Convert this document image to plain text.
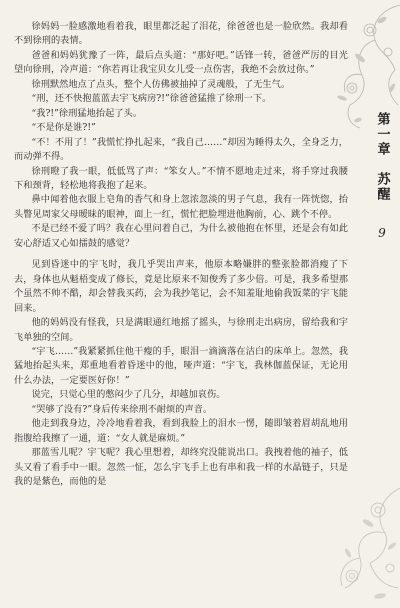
徐妈妈一脸感激地看着我，眼里都泛起了泪花，徐爸爸也是一脸欣然。我却看不到徐刑的表情。

爸爸和妈妈犹豫了一阵，最后点头道：“那好吧。”话锋一转，爸爸严厉的目光望向徐刑，冷声道：“你若再让我宝贝女儿受一点伤害，我绝不会放过你。”

徐刑默然地点了点头，整个人仿佛被抽掉了灵魂般，了无生气。

“刑，还不快抱蓝蓝去宇飞病房?!”徐爸爸猛推了徐刑一下。

“我?!”徐刑猛地抬起了头。

“不是你是谁?!”

“不！不用了！”我慌忙挣扎起来，“我自己……”却因为睡得太久，全身乏力，而动弹不得。

徐刑瞪了我一眼，低低骂了声：“笨女人。”不情不愿地走过来，将手穿过我腰下和颈背，轻松地将我抱了起来。

鼻中闻着他衣服上皂角的香气和身上忽浓忽淡的男子气息，我有一阵恍惚，抬头瞥见周家父母暧昧的眼神，面上一红，慌忙把脸埋进他胸前，心、跳个不停。

不是已经不爱了吗？我在心里问着自己，为什么被他抱在怀里，还是会有如此安心舒适又心如擂鼓的感觉？

见到昏迷中的宇飞时，我几乎哭出声来，他原本略嫌胖的整张脸都消瘦了下去，身体也从魁梧变成了修长，竟是比原来不知俊秀了多少倍。可是，我多希望那个虽然不帅不酷，却会替我买药，会为我抄笔记，会不知羞耻地偷我饭菜的宇飞能回来。

他的妈妈没有怪我，只是满眼通红地摇了摇头，与徐刑走出病房，留给我和宇飞单独的空间。

“宇飞……”我紧紧抓住他干瘦的手，眼泪一滴滴落在洁白的床单上。忽然，我猛地抬起头来，郑重地看着昏迷中的他，哑声道：“宇飞，我林伽蓝保证，无论用什么办法，一定要医好你！”

说完，只觉心里的憋闷少了几分，却越加哀伤。

“哭够了没有?”身后传来徐刑不耐烦的声音。

他走到我身边，冷冷地看着我，看到我脸上的泪水一愣，随即皱着眉胡乱地用指腹给我擦了一通，道：“女人就是麻烦。”

那蓝雪儿呢？宇飞呢？我心里想着，却终究没能说出口。我拽着他的袖子，低头又看了看手中一眼。忽然一怔，怎么宇飞手上也有串和我一样的水晶链子，只是我的是紫色，而他的是

第一章 苏醒
9
